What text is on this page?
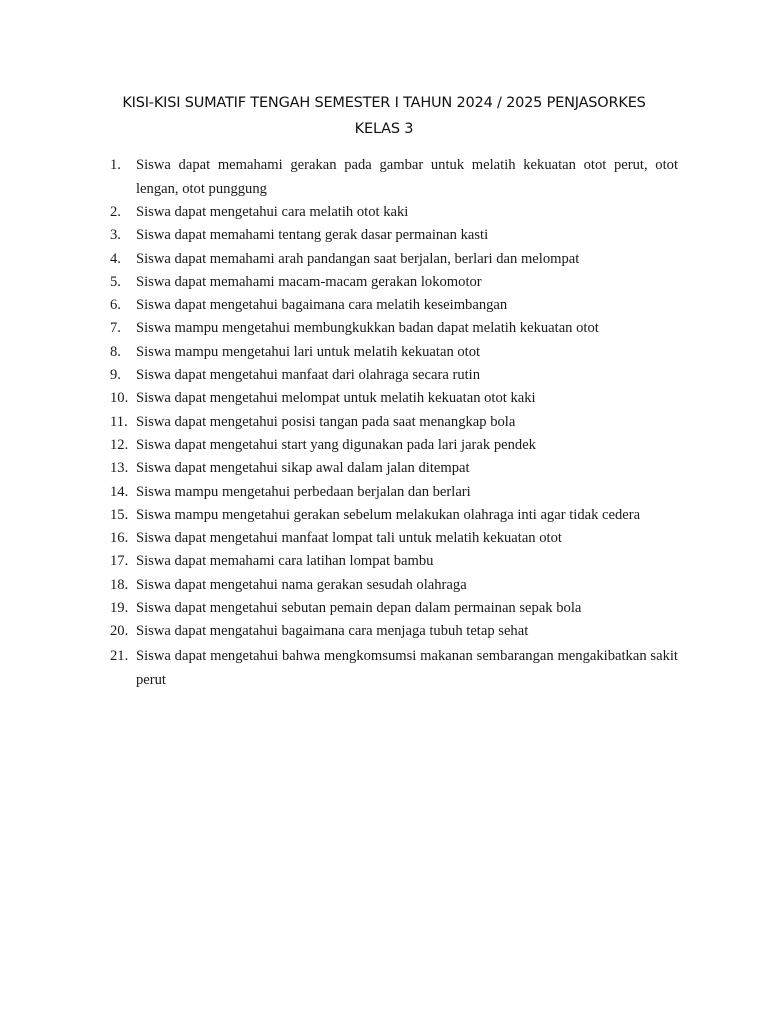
KISI-KISI SUMATIF TENGAH SEMESTER I TAHUN 2024 / 2025 PENJASORKES
KELAS 3
1. Siswa dapat memahami gerakan pada gambar untuk melatih kekuatan otot perut, otot lengan, otot punggung
2. Siswa dapat mengetahui cara melatih otot kaki
3. Siswa dapat memahami tentang gerak dasar permainan kasti
4. Siswa dapat memahami arah pandangan saat berjalan, berlari dan melompat
5. Siswa dapat memahami macam-macam gerakan lokomotor
6. Siswa dapat mengetahui bagaimana cara melatih keseimbangan
7. Siswa mampu mengetahui membungkukkan badan dapat melatih kekuatan otot
8. Siswa mampu mengetahui lari untuk melatih kekuatan otot
9. Siswa dapat mengetahui manfaat dari olahraga secara rutin
10. Siswa dapat mengetahui melompat untuk melatih kekuatan otot kaki
11. Siswa dapat mengetahui posisi tangan pada saat menangkap bola
12. Siswa dapat mengetahui start yang digunakan pada lari jarak pendek
13. Siswa dapat mengetahui sikap awal dalam jalan ditempat
14. Siswa mampu mengetahui perbedaan berjalan dan berlari
15. Siswa mampu mengetahui gerakan sebelum melakukan olahraga inti agar tidak cedera
16. Siswa dapat mengetahui manfaat lompat tali untuk melatih kekuatan otot
17. Siswa dapat memahami cara latihan lompat bambu
18. Siswa dapat mengetahui nama gerakan sesudah olahraga
19. Siswa dapat mengetahui sebutan pemain depan dalam permainan sepak bola
20. Siswa dapat mengatahui bagaimana cara menjaga tubuh tetap sehat
21. Siswa dapat mengetahui bahwa mengkomsumsi makanan sembarangan mengakibatkan sakit perut
